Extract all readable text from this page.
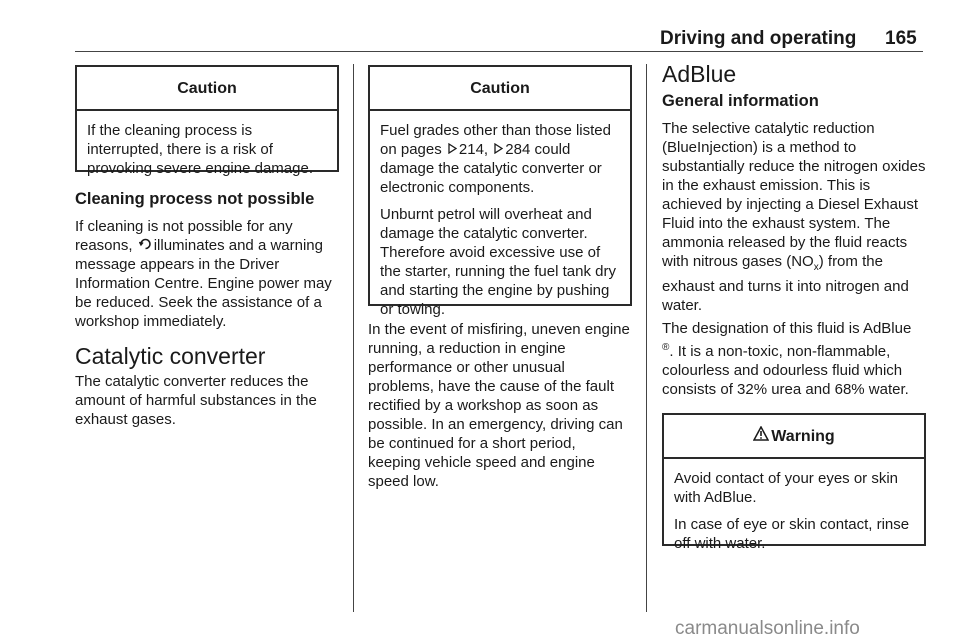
Driving and operating 165
Caution

If the cleaning process is interrupted, there is a risk of provoking severe engine damage.

Cleaning process not possible

If cleaning is not possible for any reasons, illuminates and a warning message appears in the Driver Information Centre. Engine power may be reduced. Seek the assistance of a workshop immediately.

Catalytic converter

The catalytic converter reduces the amount of harmful substances in the exhaust gases.

Caution

Fuel grades other than those listed on pages 214, 284 could damage the catalytic converter or electronic components.

Unburnt petrol will overheat and damage the catalytic converter. Therefore avoid excessive use of the starter, running the fuel tank dry and starting the engine by pushing or towing.

In the event of misfiring, uneven engine running, a reduction in engine performance or other unusual problems, have the cause of the fault rectified by a workshop as soon as possible. In an emergency, driving can be continued for a short period, keeping vehicle speed and engine speed low.

AdBlue
General information

The selective catalytic reduction (BlueInjection) is a method to substantially reduce the nitrogen oxides in the exhaust emission. This is achieved by injecting a Diesel Exhaust Fluid into the exhaust system. The ammonia released by the fluid reacts with nitrous gases $(NO_x)$ from the exhaust and turns it into nitrogen and water.

The designation of this fluid is AdBlue ®. It is a non-toxic, non-flammable, colourless and odourless fluid which consists of 32% urea and 68% water.

Warning

Avoid contact of your eyes or skin with AdBlue.

In case of eye or skin contact, rinse off with water.

carmanualsonline.info
